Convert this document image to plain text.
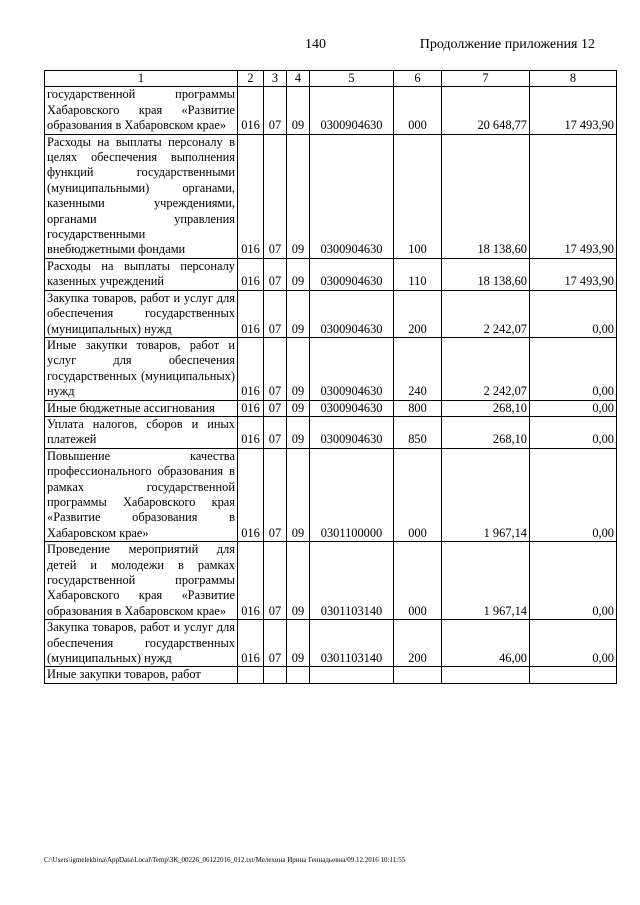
140	Продолжение приложения 12
1	2	3	4	5	6	7	8
государственной программы Хабаровского края «Развитие образования в Хабаровском крае»	016	07	09	0300904630	000	20 648,77	17 493,90
Расходы на выплаты персоналу в целях обеспечения выполнения функций государственными (муниципальными) органами, казенными учреждениями, органами управления государственными внебюджетными фондами	016	07	09	0300904630	100	18 138,60	17 493,90
Расходы на выплаты персоналу казенных учреждений	016	07	09	0300904630	110	18 138,60	17 493,90
Закупка товаров, работ и услуг для обеспечения государственных (муниципальных) нужд	016	07	09	0300904630	200	2 242,07	0,00
Иные закупки товаров, работ и услуг для обеспечения государственных (муниципальных) нужд	016	07	09	0300904630	240	2 242,07	0,00
Иные бюджетные ассигнования	016	07	09	0300904630	800	268,10	0,00
Уплата налогов, сборов и иных платежей	016	07	09	0300904630	850	268,10	0,00
Повышение качества профессионального образования в рамках государственной программы Хабаровского края «Развитие образования в Хабаровском крае»	016	07	09	0301100000	000	1 967,14	0,00
Проведение мероприятий для детей и молодежи в рамках государственной программы Хабаровского края «Развитие образования в Хабаровском крае»	016	07	09	0301103140	000	1 967,14	0,00
Закупка товаров, работ и услуг для обеспечения государственных (муниципальных) нужд	016	07	09	0301103140	200	46,00	0,00
Иные закупки товаров, работ							
C:\Users\igmelekhina\AppData\Local\Temp\ЗК_00226_06122016_012.txt/Мелехина Ирина Геннадьевна/09.12.2016 10:11:55
